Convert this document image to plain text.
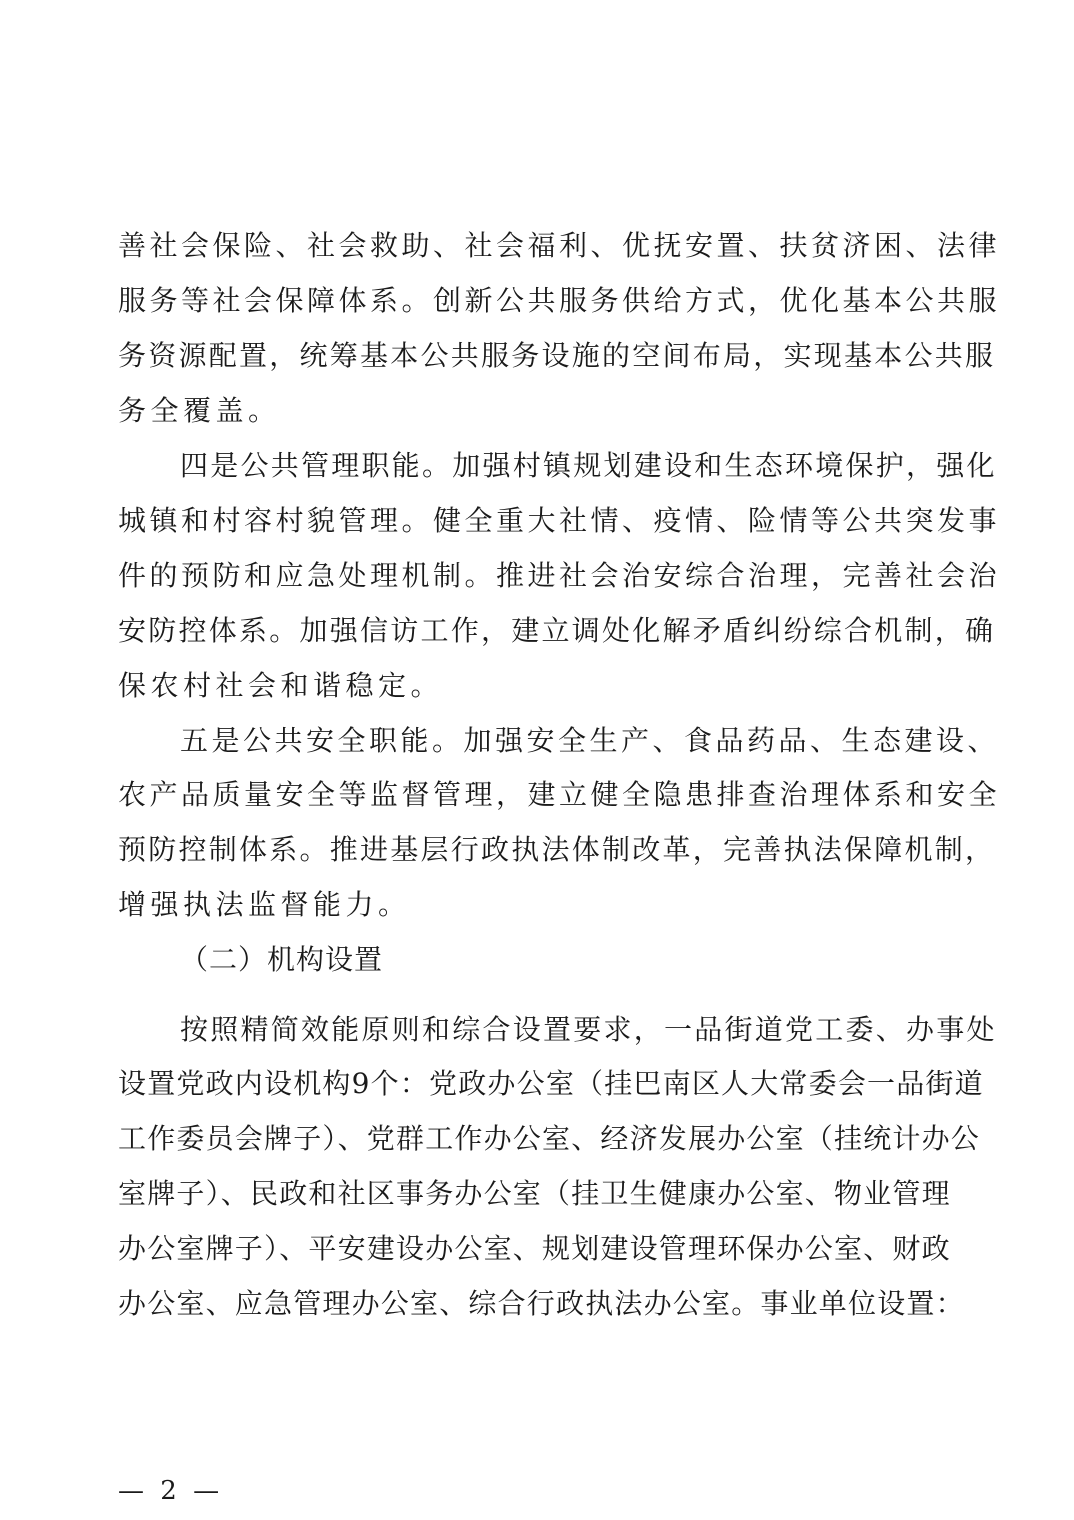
善社会保险、社会救助、社会福利、优抚安置、扶贫济困、法律
服务等社会保障体系。创新公共服务供给方式，优化基本公共服
务资源配置，统筹基本公共服务设施的空间布局，实现基本公共服
务全覆盖。
四是公共管理职能。加强村镇规划建设和生态环境保护，强化
城镇和村容村貌管理。健全重大社情、疫情、险情等公共突发事
件的预防和应急处理机制。推进社会治安综合治理，完善社会治
安防控体系。加强信访工作，建立调处化解矛盾纠纷综合机制，确
保农村社会和谐稳定。
五是公共安全职能。加强安全生产、食品药品、生态建设、
农产品质量安全等监督管理，建立健全隐患排查治理体系和安全
预防控制体系。推进基层行政执法体制改革，完善执法保障机制，
增强执法监督能力。
（二）机构设置
按照精简效能原则和综合设置要求，一品街道党工委、办事处
设置党政内设机构9个：党政办公室（挂巴南区人大常委会一品街道
工作委员会牌子）、党群工作办公室、经济发展办公室（挂统计办公
室牌子）、民政和社区事务办公室（挂卫生健康办公室、物业管理
办公室牌子）、平安建设办公室、规划建设管理环保办公室、财政
办公室、应急管理办公室、综合行政执法办公室。事业单位设置：
— 2 —
